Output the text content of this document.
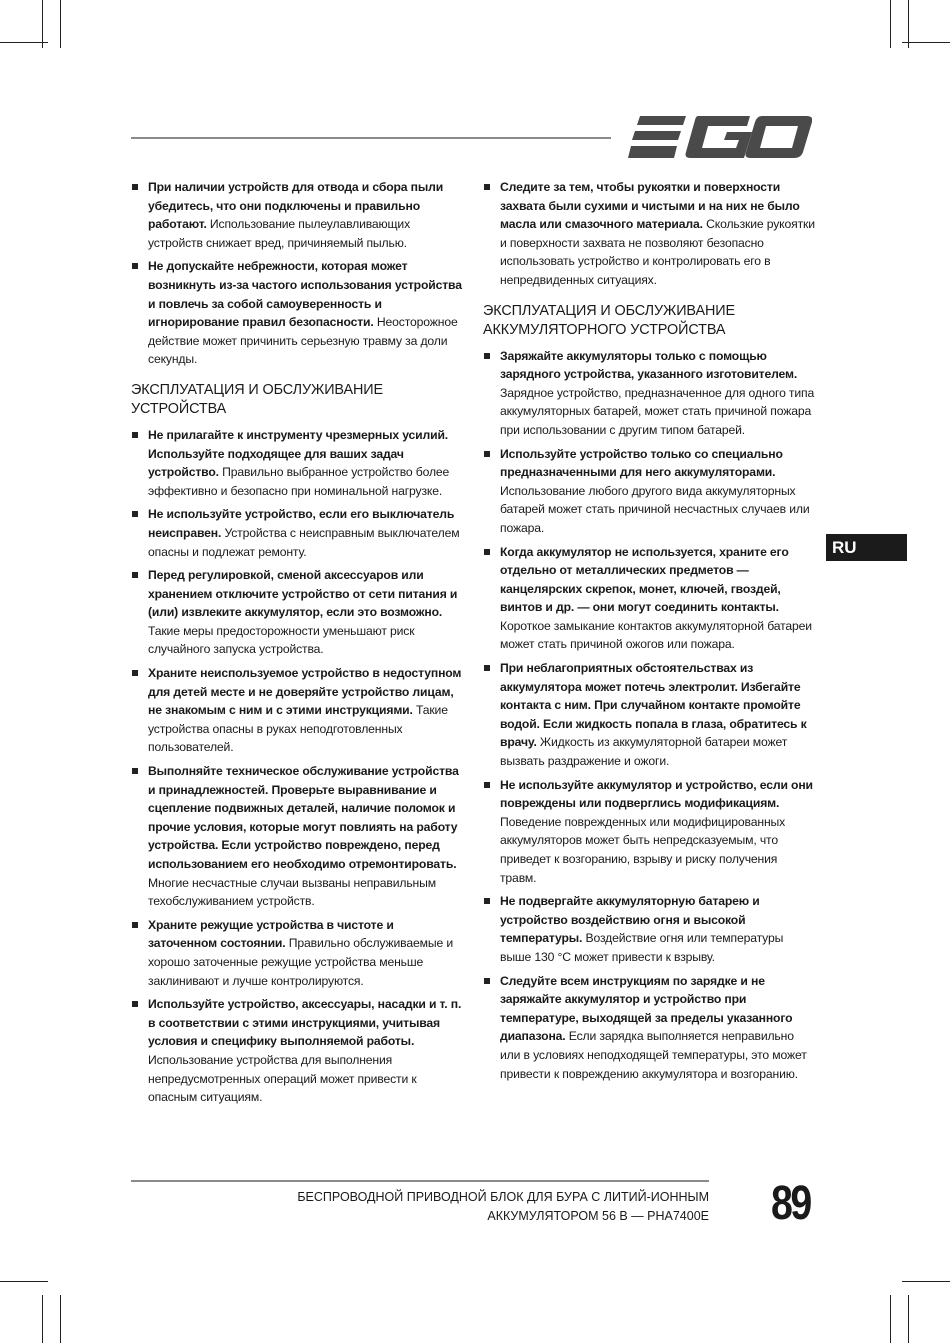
При наличии устройств для отвода и сбора пыли убедитесь, что они подключены и правильно работают. Использование пылеулавливающих устройств снижает вред, причиняемый пылью.
Не допускайте небрежности, которая может возникнуть из-за частого использования устройства и повлечь за собой самоуверенность и игнорирование правил безопасности. Неосторожное действие может причинить серьезную травму за доли секунды.
ЭКСПЛУАТАЦИЯ И ОБСЛУЖИВАНИЕ УСТРОЙСТВА
Не прилагайте к инструменту чрезмерных усилий. Используйте подходящее для ваших задач устройство. Правильно выбранное устройство более эффективно и безопасно при номинальной нагрузке.
Не используйте устройство, если его выключатель неисправен. Устройства с неисправным выключателем опасны и подлежат ремонту.
Перед регулировкой, сменой аксессуаров или хранением отключите устройство от сети питания и (или) извлеките аккумулятор, если это возможно. Такие меры предосторожности уменьшают риск случайного запуска устройства.
Храните неиспользуемое устройство в недоступном для детей месте и не доверяйте устройство лицам, не знакомым с ним и с этими инструкциями. Такие устройства опасны в руках неподготовленных пользователей.
Выполняйте техническое обслуживание устройства и принадлежностей. Проверьте выравнивание и сцепление подвижных деталей, наличие поломок и прочие условия, которые могут повлиять на работу устройства. Если устройство повреждено, перед использованием его необходимо отремонтировать. Многие несчастные случаи вызваны неправильным техобслуживанием устройств.
Храните режущие устройства в чистоте и заточенном состоянии. Правильно обслуживаемые и хорошо заточенные режущие устройства меньше заклинивают и лучше контролируются.
Используйте устройство, аксессуары, насадки и т. п. в соответствии с этими инструкциями, учитывая условия и специфику выполняемой работы. Использование устройства для выполнения непредусмотренных операций может привести к опасным ситуациям.
Следите за тем, чтобы рукоятки и поверхности захвата были сухими и чистыми и на них не было масла или смазочного материала. Скользкие рукоятки и поверхности захвата не позволяют безопасно использовать устройство и контролировать его в непредвиденных ситуациях.
ЭКСПЛУАТАЦИЯ И ОБСЛУЖИВАНИЕ АККУМУЛЯТОРНОГО УСТРОЙСТВА
Заряжайте аккумуляторы только с помощью зарядного устройства, указанного изготовителем. Зарядное устройство, предназначенное для одного типа аккумуляторных батарей, может стать причиной пожара при использовании с другим типом батарей.
Используйте устройство только со специально предназначенными для него аккумуляторами. Использование любого другого вида аккумуляторных батарей может стать причиной несчастных случаев или пожара.
Когда аккумулятор не используется, храните его отдельно от металлических предметов — канцелярских скрепок, монет, ключей, гвоздей, винтов и др. — они могут соединить контакты. Короткое замыкание контактов аккумуляторной батареи может стать причиной ожогов или пожара.
При неблагоприятных обстоятельствах из аккумулятора может потечь электролит. Избегайте контакта с ним. При случайном контакте промойте водой. Если жидкость попала в глаза, обратитесь к врачу. Жидкость из аккумуляторной батареи может вызвать раздражение и ожоги.
Не используйте аккумулятор и устройство, если они повреждены или подверглись модификациям. Поведение поврежденных или модифицированных аккумуляторов может быть непредсказуемым, что приведет к возгоранию, взрыву и риску получения травм.
Не подвергайте аккумуляторную батарею и устройство воздействию огня и высокой температуры. Воздействие огня или температуры выше 130 °C может привести к взрыву.
Следуйте всем инструкциям по зарядке и не заряжайте аккумулятор и устройство при температуре, выходящей за пределы указанного диапазона. Если зарядка выполняется неправильно или в условиях неподходящей температуры, это может привести к повреждению аккумулятора и возгоранию.
RU
БЕСПРОВОДНОЙ ПРИВОДНОЙ БЛОК ДЛЯ БУРА С ЛИТИЙ-ИОННЫМ
АККУМУЛЯТОРОМ 56 В — PHA7400E 89
